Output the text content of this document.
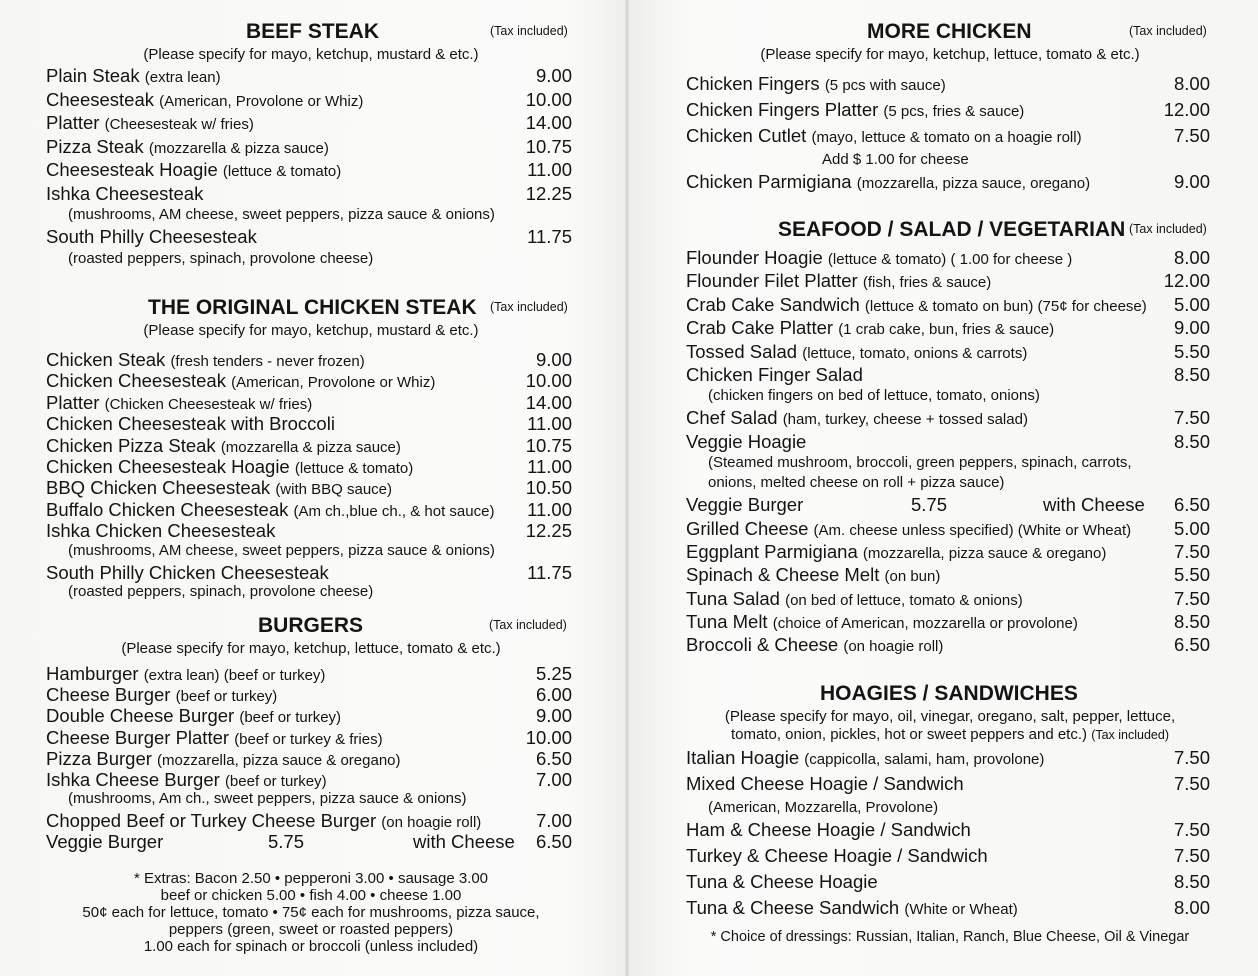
BEEF STEAK	(Tax included)
(Please specify for mayo, ketchup, mustard & etc.)
Plain Steak (extra lean)	9.00
Cheesesteak (American, Provolone or Whiz)	10.00
Platter (Cheesesteak w/ fries)	14.00
Pizza Steak (mozzarella & pizza sauce)	10.75
Cheesesteak Hoagie (lettuce & tomato)	11.00
Ishka Cheesesteak	12.25
(mushrooms, AM cheese, sweet peppers, pizza sauce & onions)
South Philly Cheesesteak	11.75
(roasted peppers, spinach, provolone cheese)
THE ORIGINAL CHICKEN STEAK (Tax included)
(Please specify for mayo, ketchup, mustard & etc.)
Chicken Steak (fresh tenders - never frozen)	9.00
Chicken Cheesesteak (American, Provolone or Whiz)	10.00
Platter (Chicken Cheesesteak w/ fries)	14.00
Chicken Cheesesteak with Broccoli	11.00
Chicken Pizza Steak (mozzarella & pizza sauce)	10.75
Chicken Cheesesteak Hoagie (lettuce & tomato)	11.00
BBQ Chicken Cheesesteak (with BBQ sauce)	10.50
Buffalo Chicken Cheesesteak (Am ch.,blue ch., & hot sauce) 11.00
Ishka Chicken Cheesesteak	12.25
(mushrooms, AM cheese, sweet peppers, pizza sauce & onions)
South Philly Chicken Cheesesteak	11.75
(roasted peppers, spinach, provolone cheese)
BURGERS	(Tax included)
(Please specify for mayo, ketchup, lettuce, tomato & etc.)
Hamburger (extra lean) (beef or turkey)	5.25
Cheese Burger (beef or turkey)	6.00
Double Cheese Burger (beef or turkey)	9.00
Cheese Burger Platter (beef or turkey & fries)	10.00
Pizza Burger (mozzarella, pizza sauce & oregano)	6.50
Ishka Cheese Burger (beef or turkey)	7.00
(mushrooms, Am ch., sweet peppers, pizza sauce & onions)
Chopped Beef or Turkey Cheese Burger (on hoagie roll)	7.00
Veggie Burger	5.75	with Cheese 6.50
* Extras: Bacon 2.50 • pepperoni 3.00 • sausage 3.00
beef or chicken 5.00 • fish 4.00 • cheese 1.00
50¢ each for lettuce, tomato • 75¢ each for mushrooms, pizza sauce,
peppers (green, sweet or roasted peppers)
1.00 each for spinach or broccoli (unless included)
MORE CHICKEN	(Tax included)
(Please specify for mayo, ketchup, lettuce, tomato & etc.)
Chicken Fingers (5 pcs with sauce)	8.00
Chicken Fingers Platter (5 pcs, fries & sauce)	12.00
Chicken Cutlet (mayo, lettuce & tomato on a hoagie roll)	7.50
Add $ 1.00 for cheese
Chicken Parmigiana (mozzarella, pizza sauce, oregano)	9.00
SEAFOOD / SALAD / VEGETARIAN (Tax included)
Flounder Hoagie (lettuce & tomato) ( 1.00 for cheese )	8.00
Flounder Filet Platter (fish, fries & sauce)	12.00
Crab Cake Sandwich (lettuce & tomato on bun) (75¢ for cheese) 5.00
Crab Cake Platter (1 crab cake, bun, fries & sauce)	9.00
Tossed Salad (lettuce, tomato, onions & carrots)	5.50
Chicken Finger Salad	8.50
(chicken fingers on bed of lettuce, tomato, onions)
Chef Salad (ham, turkey, cheese + tossed salad)	7.50
Veggie Hoagie	8.50
(Steamed mushroom, broccoli, green peppers, spinach, carrots,
onions, melted cheese on roll + pizza sauce)
Veggie Burger	5.75	with Cheese 6.50
Grilled Cheese (Am. cheese unless specified) (White or Wheat) 5.00
Eggplant Parmigiana (mozzarella, pizza sauce & oregano)	7.50
Spinach & Cheese Melt (on bun)	5.50
Tuna Salad (on bed of lettuce, tomato & onions)	7.50
Tuna Melt (choice of American, mozzarella or provolone)	8.50
Broccoli & Cheese (on hoagie roll)	6.50
HOAGIES / SANDWICHES
(Please specify for mayo, oil, vinegar, oregano, salt, pepper, lettuce,
tomato, onion, pickles, hot or sweet peppers and etc.) (Tax included)
Italian Hoagie (cappicolla, salami, ham, provolone)	7.50
Mixed Cheese Hoagie / Sandwich	7.50
(American, Mozzarella, Provolone)
Ham & Cheese Hoagie / Sandwich	7.50
Turkey & Cheese Hoagie / Sandwich	7.50
Tuna & Cheese Hoagie	8.50
Tuna & Cheese Sandwich (White or Wheat)	8.00
* Choice of dressings: Russian, Italian, Ranch, Blue Cheese, Oil & Vinegar
